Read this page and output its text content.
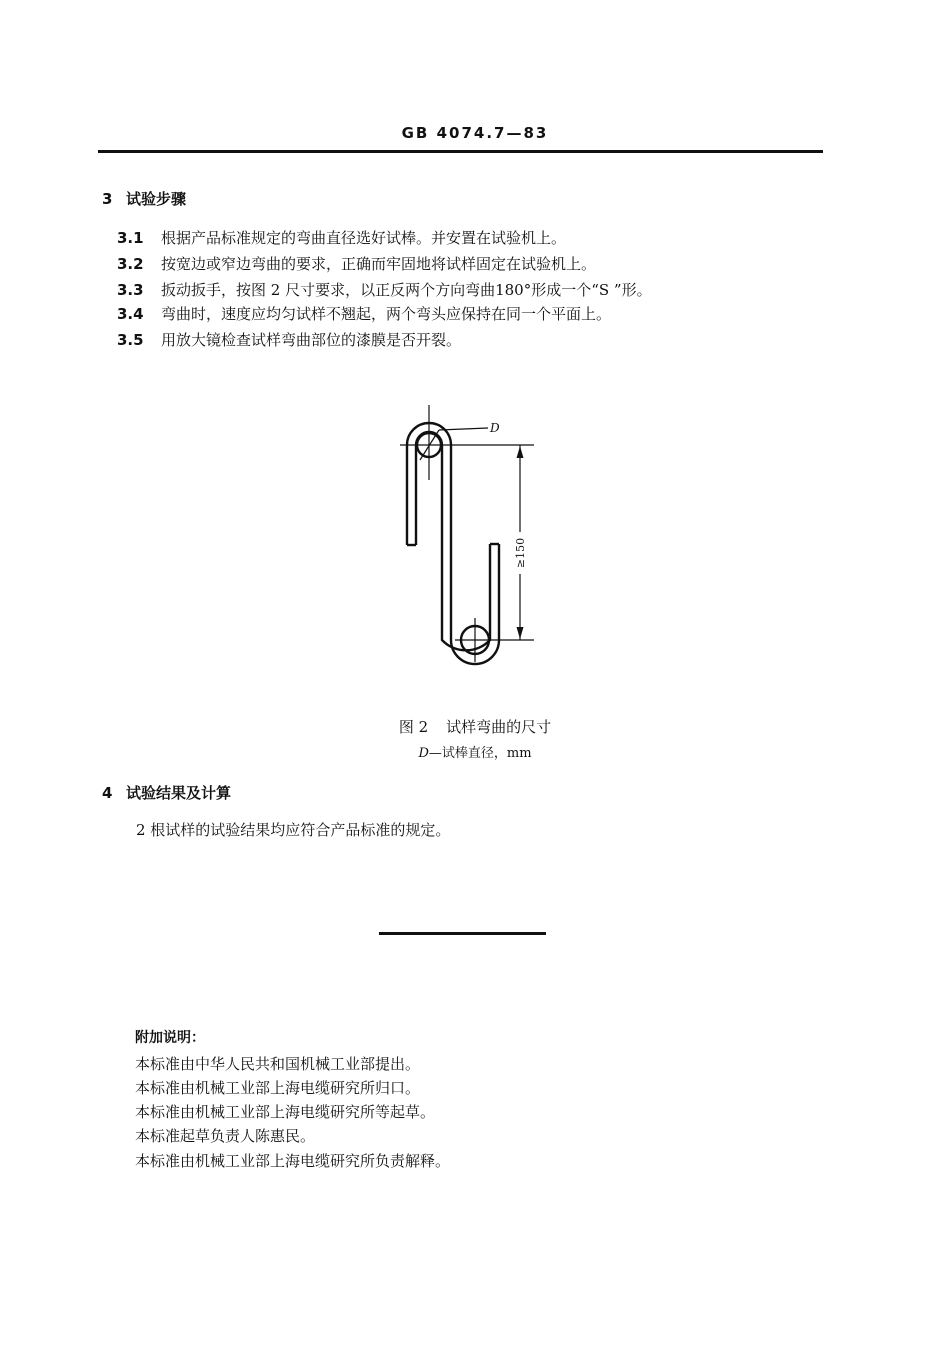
GB 4074.7—83
3 试验步骤
3.1 根据产品标准规定的弯曲直径选好试棒。并安置在试验机上。
3.2 按宽边或窄边弯曲的要求，正确而牢固地将试样固定在试验机上。
3.3 扳动扳手，按图 2 尺寸要求，以正反两个方向弯曲180°形成一个“S ”形。
3.4 弯曲时，速度应均匀试样不翘起，两个弯头应保持在同一个平面上。
3.5 用放大镜检查试样弯曲部位的漆膜是否开裂。
D
≥150
图 2 试样弯曲的尺寸
D—试棒直径，mm
4 试验结果及计算
2 根试样的试验结果均应符合产品标准的规定。
附加说明：
本标准由中华人民共和国机械工业部提出。
本标准由机械工业部上海电缆研究所归口。
本标准由机械工业部上海电缆研究所等起草。
本标准起草负责人陈惠民。
本标准由机械工业部上海电缆研究所负责解释。
